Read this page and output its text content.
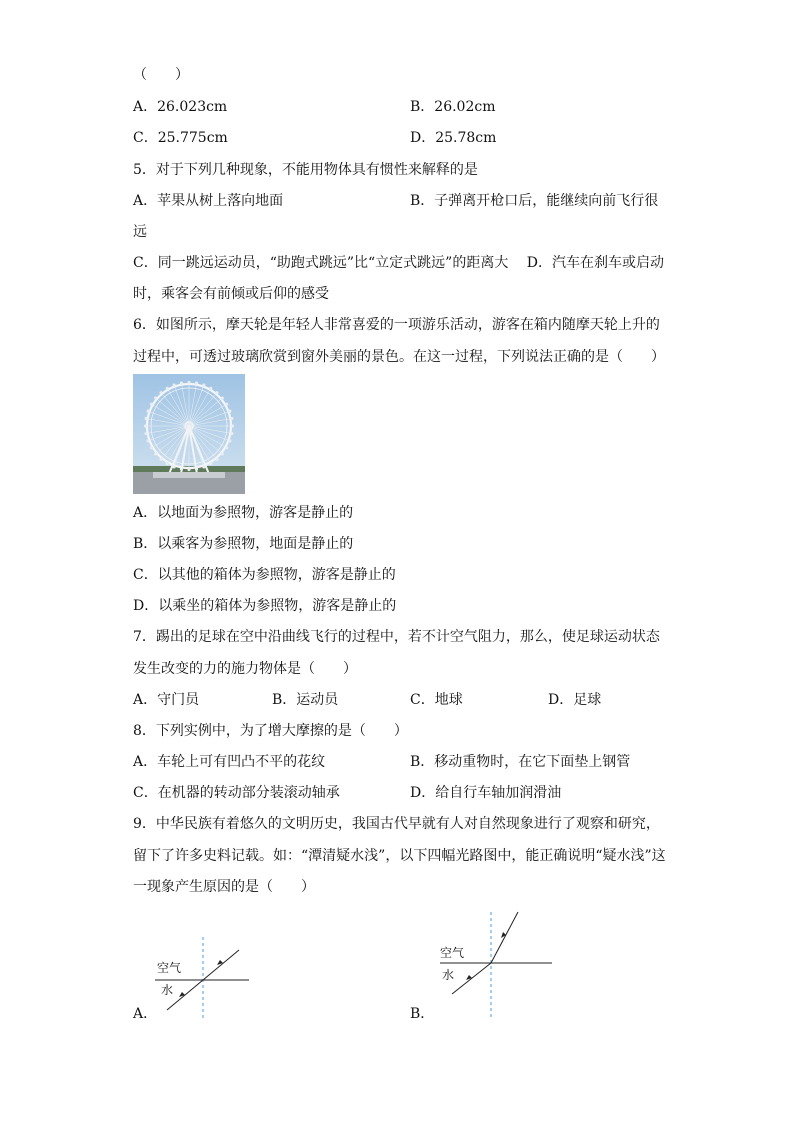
（　　）
A．26.023cm	B．26.02cm
C．25.775cm	D．25.78cm
5．对于下列几种现象，不能用物体具有惯性来解释的是
A．苹果从树上落向地面	B．子弹离开枪口后，能继续向前飞行很
远
C．同一跳远运动员，“助跑式跳远”比“立定式跳远”的距离大　 D．汽车在刹车或启动
时，乘客会有前倾或后仰的感受
6．如图所示，摩天轮是年轻人非常喜爱的一项游乐活动，游客在箱内随摩天轮上升的
过程中，可透过玻璃欣赏到窗外美丽的景色。在这一过程，下列说法正确的是（　　）
A．以地面为参照物，游客是静止的
B．以乘客为参照物，地面是静止的
C．以其他的箱体为参照物，游客是静止的
D．以乘坐的箱体为参照物，游客是静止的
7．踢出的足球在空中沿曲线飞行的过程中，若不计空气阻力，那么，使足球运动状态
发生改变的力的施力物体是（　　）
A．守门员	B．运动员	C．地球	D．足球
8．下列实例中，为了增大摩擦的是（　　）
A．车轮上可有凹凸不平的花纹	B．移动重物时，在它下面垫上钢管
C．在机器的转动部分装滚动轴承	D．给自行车轴加润滑油
9．中华民族有着悠久的文明历史，我国古代早就有人对自然现象进行了观察和研究，
留下了许多史料记载。如：“潭清疑水浅”，以下四幅光路图中，能正确说明“疑水浅”这
一现象产生原因的是（　　）
空气
水
A．
空气
水
B．
